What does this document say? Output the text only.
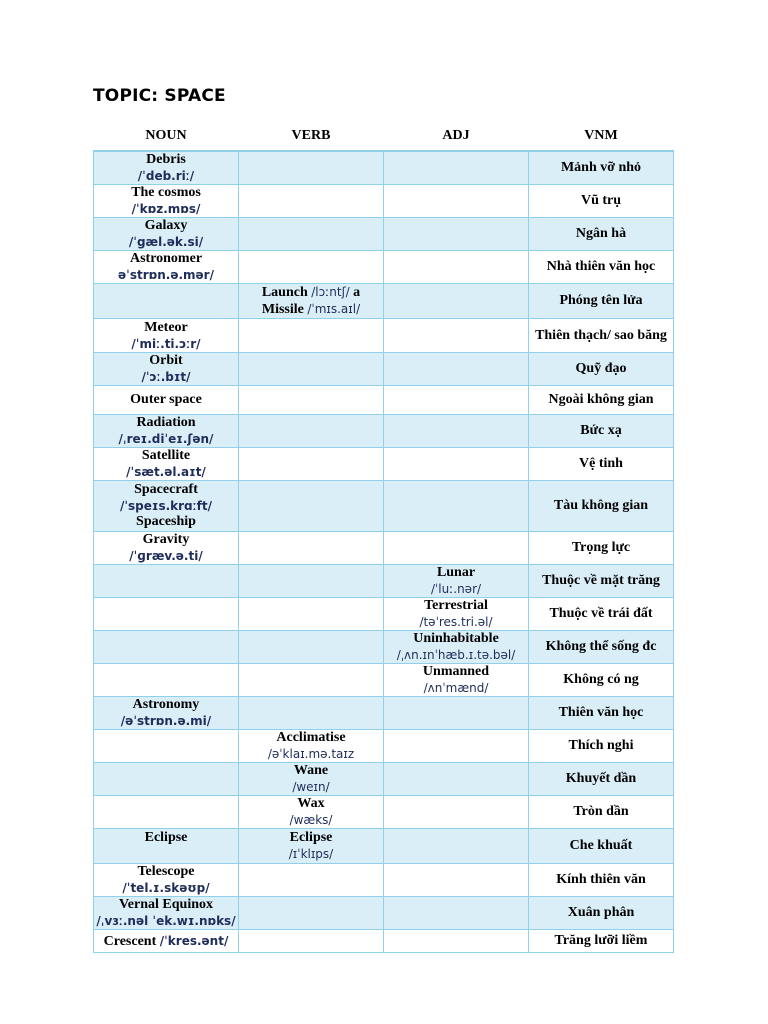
TOPIC: SPACE
NOUN	VERB	ADJ	VNM

Debris
/ˈdeb.riː/			Mảnh vỡ nhỏ

The cosmos
/ˈkɒz.mɒs/			Vũ trụ

Galaxy
/ˈgæl.ək.si/			Ngân hà

Astronomer
əˈstrɒn.ə.mər/			Nhà thiên văn học

	Launch /lɔːntʃ/ a
Missile /ˈmɪs.aɪl/		Phóng tên lửa

Meteor
/ˈmiː.ti.ɔːr/			Thiên thạch/ sao băng

Orbit
/ˈɔː.bɪt/			Quỹ đạo

Outer space			Ngoài không gian

Radiation
/ˌreɪ.diˈeɪ.ʃən/			Bức xạ

Satellite
/ˈsæt.əl.aɪt/			Vệ tinh

Spacecraft
/ˈspeɪs.krɑːft/
Spaceship			Tàu không gian

Gravity
/ˈɡræv.ə.ti/			Trọng lực

		Lunar
/ˈluː.nər/	Thuộc về mặt trăng

		Terrestrial
/təˈres.tri.əl/	Thuộc về trái đất

		Uninhabitable
/ˌʌn.ɪnˈhæb.ɪ.tə.bəl/	Không thể sống đc

		Unmanned
/ʌnˈmænd/	Không có ng

Astronomy
/əˈstrɒn.ə.mi/			Thiên văn học

	Acclimatise
/əˈklaɪ.mə.taɪz		Thích nghi

	Wane
/weɪn/		Khuyết dần

	Wax
/wæks/		Tròn dần

Eclipse	Eclipse
/ɪˈklɪps/		Che khuất

Telescope
/ˈtel.ɪ.skəʊp/			Kính thiên văn

Vernal Equinox
/ˌvɜː.nəl ˈek.wɪ.nɒks/			Xuân phân
Crescent /ˈkres.ənt/			Trăng lưỡi liềm
